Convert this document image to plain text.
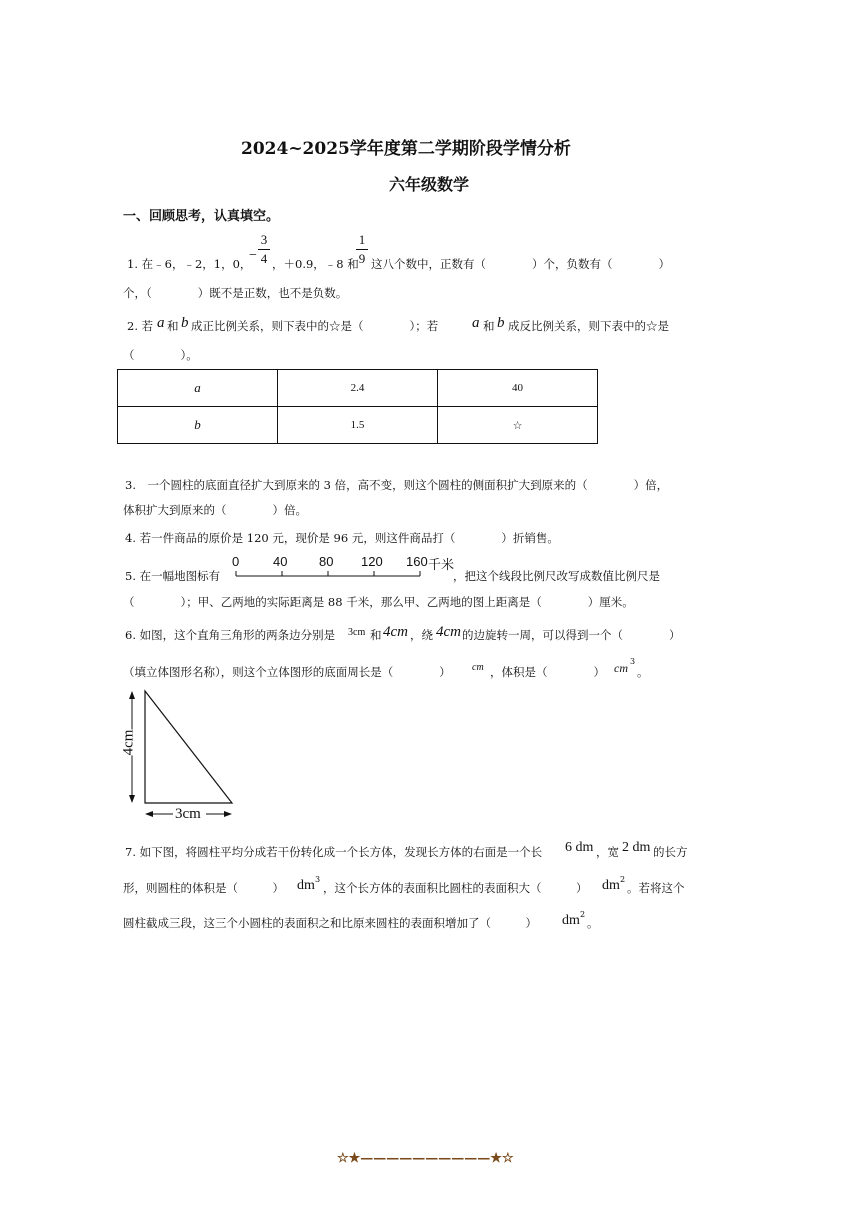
2024~2025学年度第二学期阶段学情分析
六年级数学
一、回顾思考，认真填空。
1. 在﹣6，﹣2，1，0，
−
3
4 ，＋0.9，﹣8 和
1
9 这八个数中，正数有（　　　　）个，负数有（　　　　）
个，（　　　　）既不是正数，也不是负数。
2. 若 a 和 b 成正比例关系，则下表中的☆是（　　　　）；若 a 和 b 成反比例关系，则下表中的☆是
（　　　　）。
a	2.4	40
b	1.5	☆
3.　一个圆柱的底面直径扩大到原来的 3 倍，高不变，则这个圆柱的侧面积扩大到原来的（　　　　）倍，
体积扩大到原来的（　　　　）倍。
4. 若一件商品的原价是 120 元，现价是 96 元，则这件商品打（　　　　）折销售。
5. 在一幅地图标有
0	40 80 120 160 千米
，把这个线段比例尺改写成数值比例尺是
（　　　　）；甲、乙两地的实际距离是 88 千米，那么甲、乙两地的图上距离是（　　　　）厘米。
6. 如图，这个直角三角形的两条边分别是 3cm 和 4cm ，绕 4cm 的边旋转一周，可以得到一个（　　　　）
（填立体图形名称），则这个立体图形的底面周长是（　　　　） cm ，体积是（　　　　） cm 3
。
4cm
3cm
7. 如下图，将圆柱平均分成若干份转化成一个长方体，发现长方体的右面是一个长 6 dm ，宽 2 dm 的长方
形，则圆柱的体积是（　　　） dm 3
，这个长方体的表面积比圆柱的表面积大（　　　） dm 2
。若将这个
圆柱截成三段，这三个小圆柱的表面积之和比原来圆柱的表面积增加了（　　　） dm 2
。
☆★——————————★☆
